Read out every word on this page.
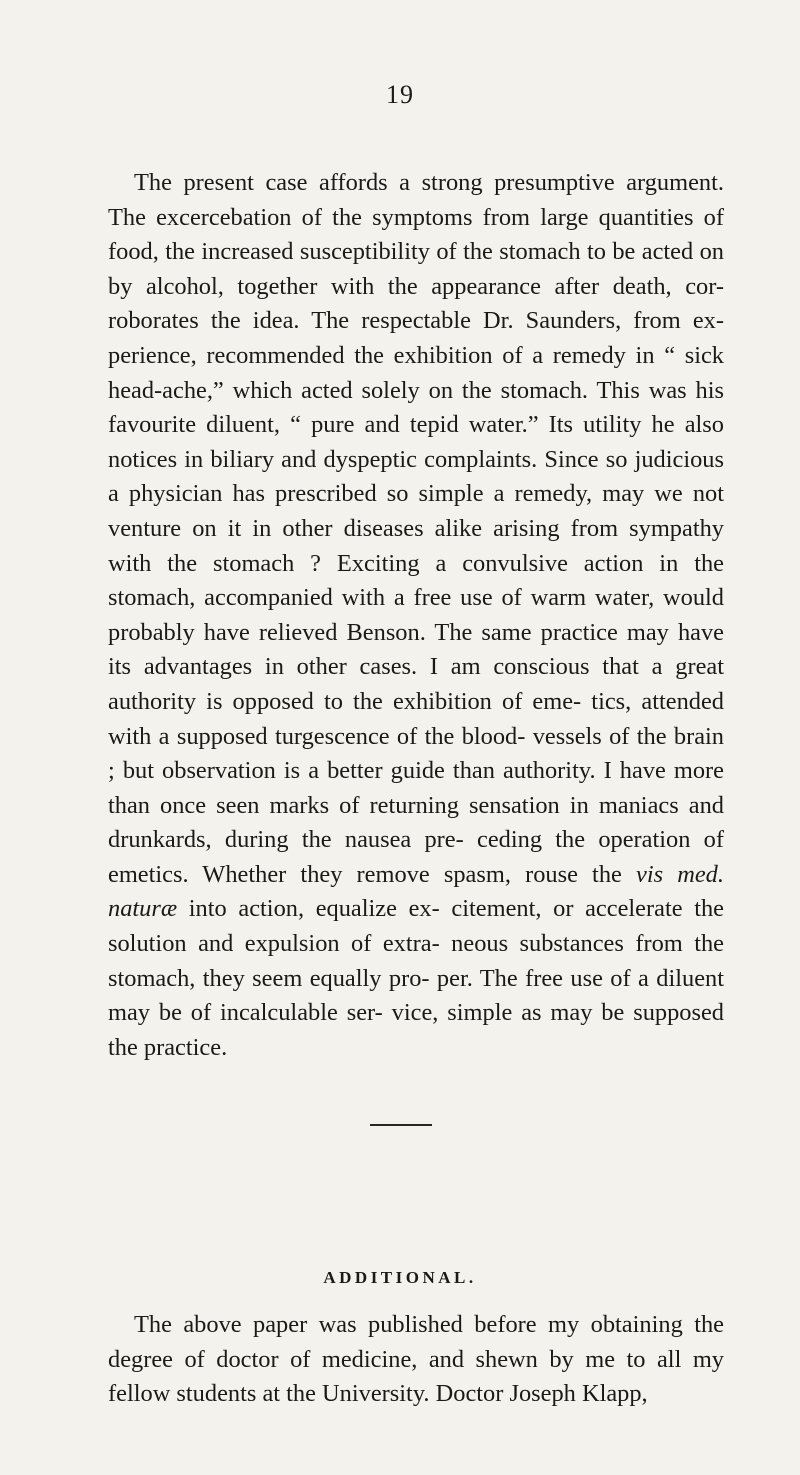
19

The present case affords a strong presumptive argument. The excercebation of the symptoms from large quantities of food, the increased susceptibility of the stomach to be acted on by alcohol, together with the appearance after death, cor- roborates the idea. The respectable Dr. Saunders, from ex- perience, recommended the exhibition of a remedy in “ sick head-ache,” which acted solely on the stomach. This was his favourite diluent, “ pure and tepid water.” Its utility he also notices in biliary and dyspeptic complaints. Since so judicious a physician has prescribed so simple a remedy, may we not venture on it in other diseases alike arising from sympathy with the stomach ? Exciting a convulsive action in the stomach, accompanied with a free use of warm water, would probably have relieved Benson. The same practice may have its advantages in other cases. I am conscious that a great authority is opposed to the exhibition of eme- tics, attended with a supposed turgescence of the blood- vessels of the brain ; but observation is a better guide than authority. I have more than once seen marks of returning sensation in maniacs and drunkards, during the nausea pre- ceding the operation of emetics. Whether they remove spasm, rouse the vis med. naturæ into action, equalize ex- citement, or accelerate the solution and expulsion of extra- neous substances from the stomach, they seem equally pro- per. The free use of a diluent may be of incalculable ser- vice, simple as may be supposed the practice.

ADDITIONAL.

The above paper was published before my obtaining the degree of doctor of medicine, and shewn by me to all my fellow students at the University. Doctor Joseph Klapp,
